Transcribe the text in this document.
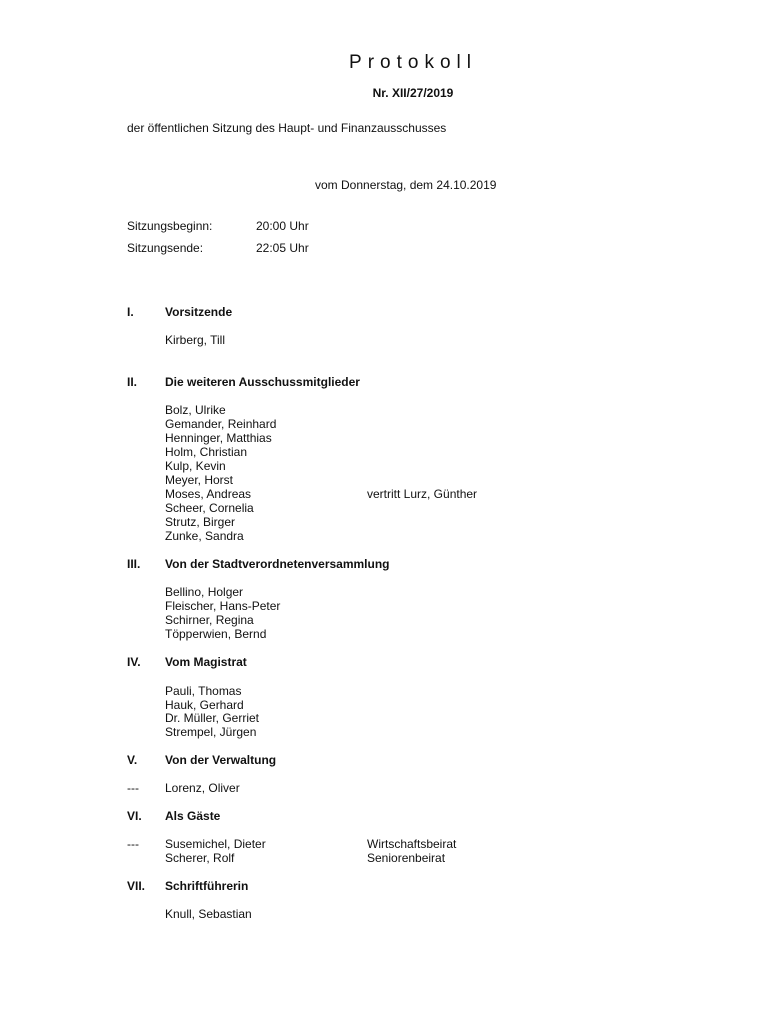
Protokoll
Nr. XII/27/2019
der öffentlichen Sitzung des Haupt- und Finanzausschusses
vom Donnerstag, dem 24.10.2019
Sitzungsbeginn:	20:00 Uhr
Sitzungsende:	22:05 Uhr
I.	Vorsitzende
Kirberg, Till
II. Die weiteren Ausschussmitglieder
Bolz, Ulrike
Gemander, Reinhard
Henninger, Matthias
Holm, Christian
Kulp, Kevin
Meyer, Horst
Moses, Andreas	vertritt Lurz, Günther
Scheer, Cornelia
Strutz, Birger
Zunke, Sandra
III. Von der Stadtverordnetenversammlung
Bellino, Holger
Fleischer, Hans-Peter
Schirner, Regina
Töpperwien, Bernd
IV. Vom Magistrat
Pauli, Thomas
Hauk, Gerhard
Dr. Müller, Gerriet
Strempel, Jürgen
V. Von der Verwaltung
--- Lorenz, Oliver
VI. Als Gäste
--- Susemichel, Dieter	Wirtschaftsbeirat
Scherer, Rolf	Seniorenbeirat
VII. Schriftführerin
Knull, Sebastian
